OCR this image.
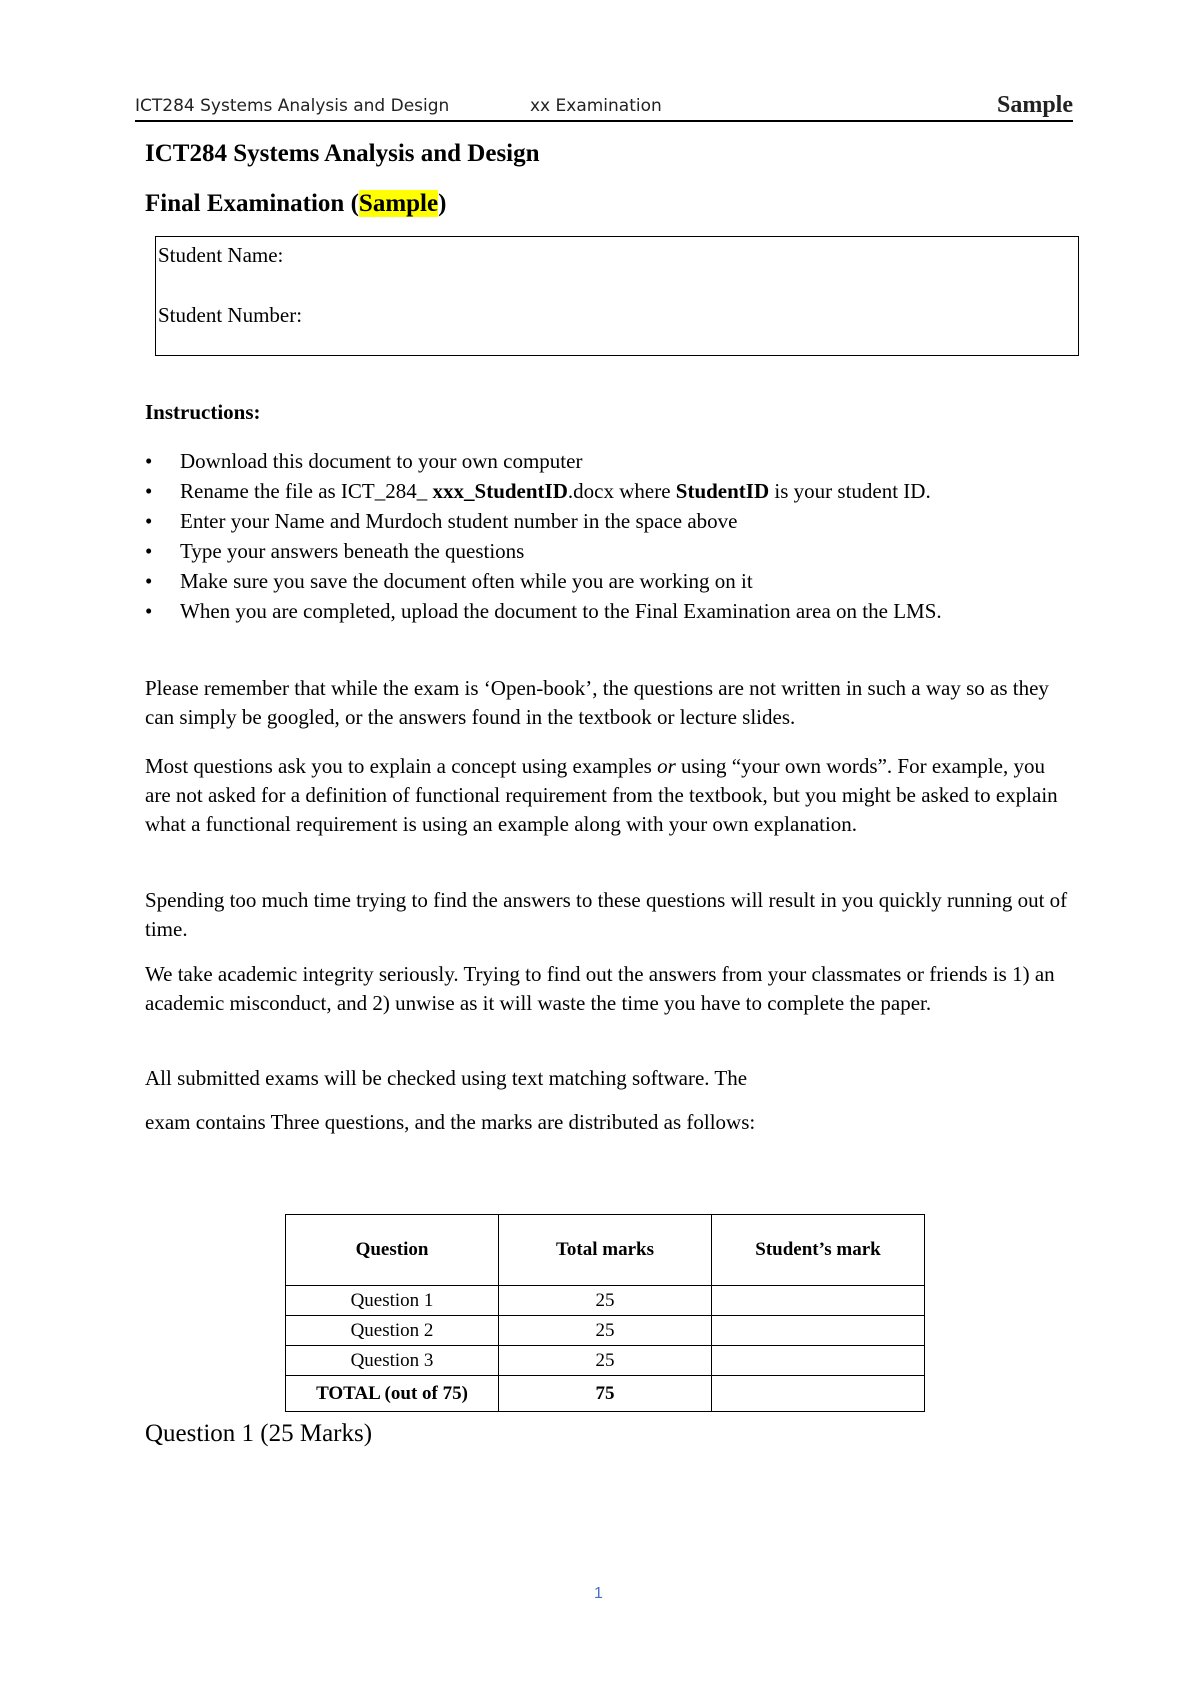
ICT284 Systems Analysis and Design	xx Examination	Sample
ICT284 Systems Analysis and Design
Final Examination (Sample)
Student Name:
Student Number:
Instructions:
• Download this document to your own computer
• Rename the file as ICT_284_ xxx_StudentID.docx where StudentID is your student ID.
• Enter your Name and Murdoch student number in the space above
• Type your answers beneath the questions
• Make sure you save the document often while you are working on it
• When you are completed, upload the document to the Final Examination area on the LMS.

Please remember that while the exam is ‘Open-book’, the questions are not written in such a way so as they can simply be googled, or the answers found in the textbook or lecture slides.

Most questions ask you to explain a concept using examples or using “your own words”. For example, you are not asked for a definition of functional requirement from the textbook, but you might be asked to explain what a functional requirement is using an example along with your own explanation.

Spending too much time trying to find the answers to these questions will result in you quickly running out of time.

We take academic integrity seriously. Trying to find out the answers from your classmates or friends is 1) an academic misconduct, and 2) unwise as it will waste the time you have to complete the paper.

All submitted exams will be checked using text matching software. The

exam contains Three questions, and the marks are distributed as follows:

Question	Total marks	Student’s mark
Question 1	25	
Question 2	25	
Question 3	25	
TOTAL (out of 75)	75	
Question 1 (25 Marks)
1
